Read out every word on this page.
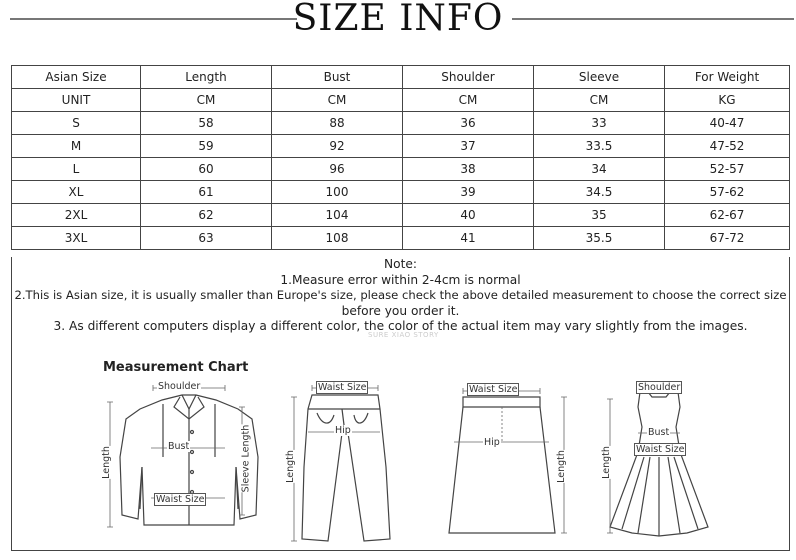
SIZE INFO
Asian Size	Length	Bust	Shoulder	Sleeve	For Weight
UNIT	CM	CM	CM	CM	KG
S	58	88	36	33	40-47
M	59	92	37	33.5	47-52
L	60	96	38	34	52-57
XL	61	100	39	34.5	57-62
2XL	62	104	40	35	62-67
3XL	63	108	41	35.5	67-72
Note:
1.Measure error within 2-4cm is normal
2.This is Asian size, it is usually smaller than Europe's size, please check the above detailed measurement to choose the correct size
before you order it.
3. As different computers display a different color, the color of the actual item may vary slightly from the images.
SURE XIAO STORY
Measurement Chart
Shoulder
Bust
Waist Size
Length	Sleeve Length
Waist Size
Hip
Length
Waist Size
Hip
Length
Shoulder
Bust
Waist Size
Length
